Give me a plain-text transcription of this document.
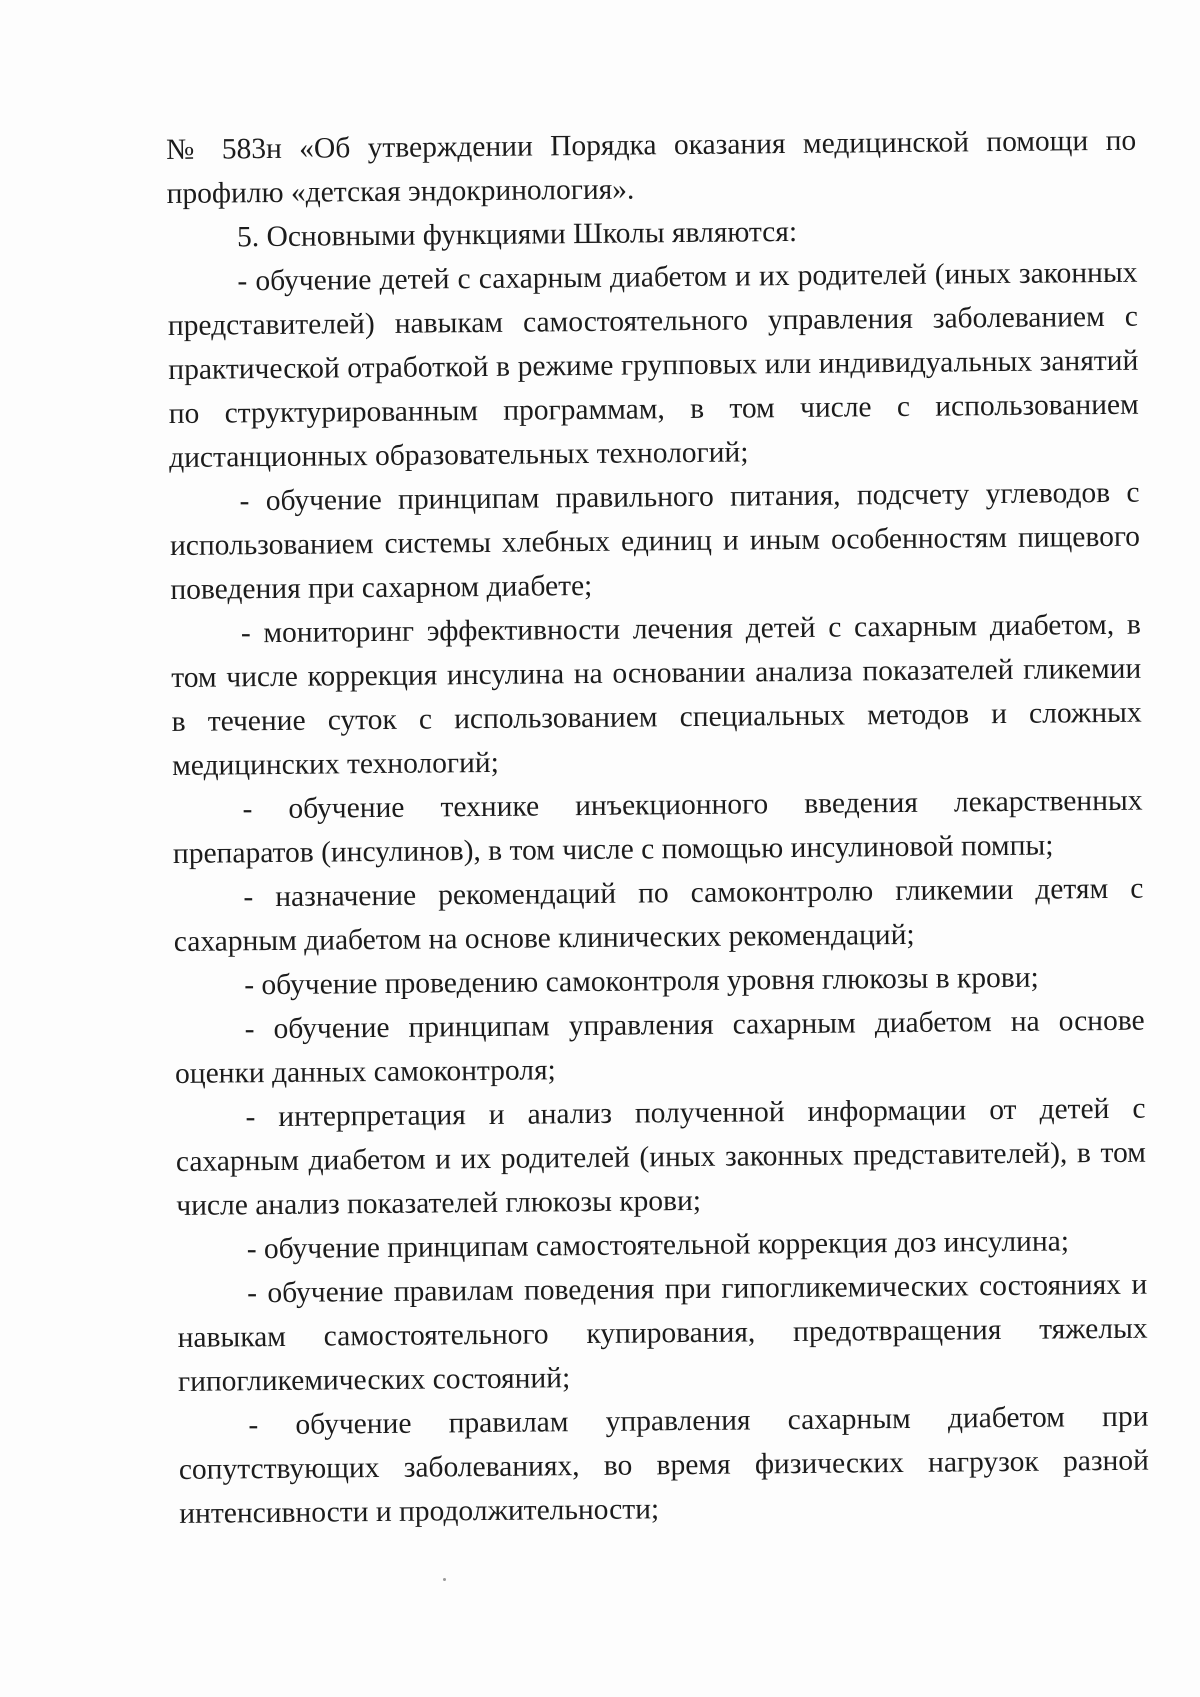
№ 583н «Об утверждении Порядка оказания медицинской помощи по профилю «детская эндокринология».

5. Основными функциями Школы являются:

- обучение детей с сахарным диабетом и их родителей (иных законных представителей) навыкам самостоятельного управления заболеванием с практической отработкой в режиме групповых или индивидуальных занятий по структурированным программам, в том числе с использованием дистанционных образовательных технологий;

- обучение принципам правильного питания, подсчету углеводов с использованием системы хлебных единиц и иным особенностям пищевого поведения при сахарном диабете;

- мониторинг эффективности лечения детей с сахарным диабетом, в том числе коррекция инсулина на основании анализа показателей гликемии в течение суток с использованием специальных методов и сложных медицинских технологий;

- обучение технике инъекционного введения лекарственных препаратов (инсулинов), в том числе с помощью инсулиновой помпы;

- назначение рекомендаций по самоконтролю гликемии детям с сахарным диабетом на основе клинических рекомендаций;

- обучение проведению самоконтроля уровня глюкозы в крови;

- обучение принципам управления сахарным диабетом на основе оценки данных самоконтроля;

- интерпретация и анализ полученной информации от детей с сахарным диабетом и их родителей (иных законных представителей), в том числе анализ показателей глюкозы крови;

- обучение принципам самостоятельной коррекция доз инсулина;

- обучение правилам поведения при гипогликемических состояниях и навыкам самостоятельного купирования, предотвращения тяжелых гипогликемических состояний;

- обучение правилам управления сахарным диабетом при сопутствующих заболеваниях, во время физических нагрузок разной интенсивности и продолжительности;
